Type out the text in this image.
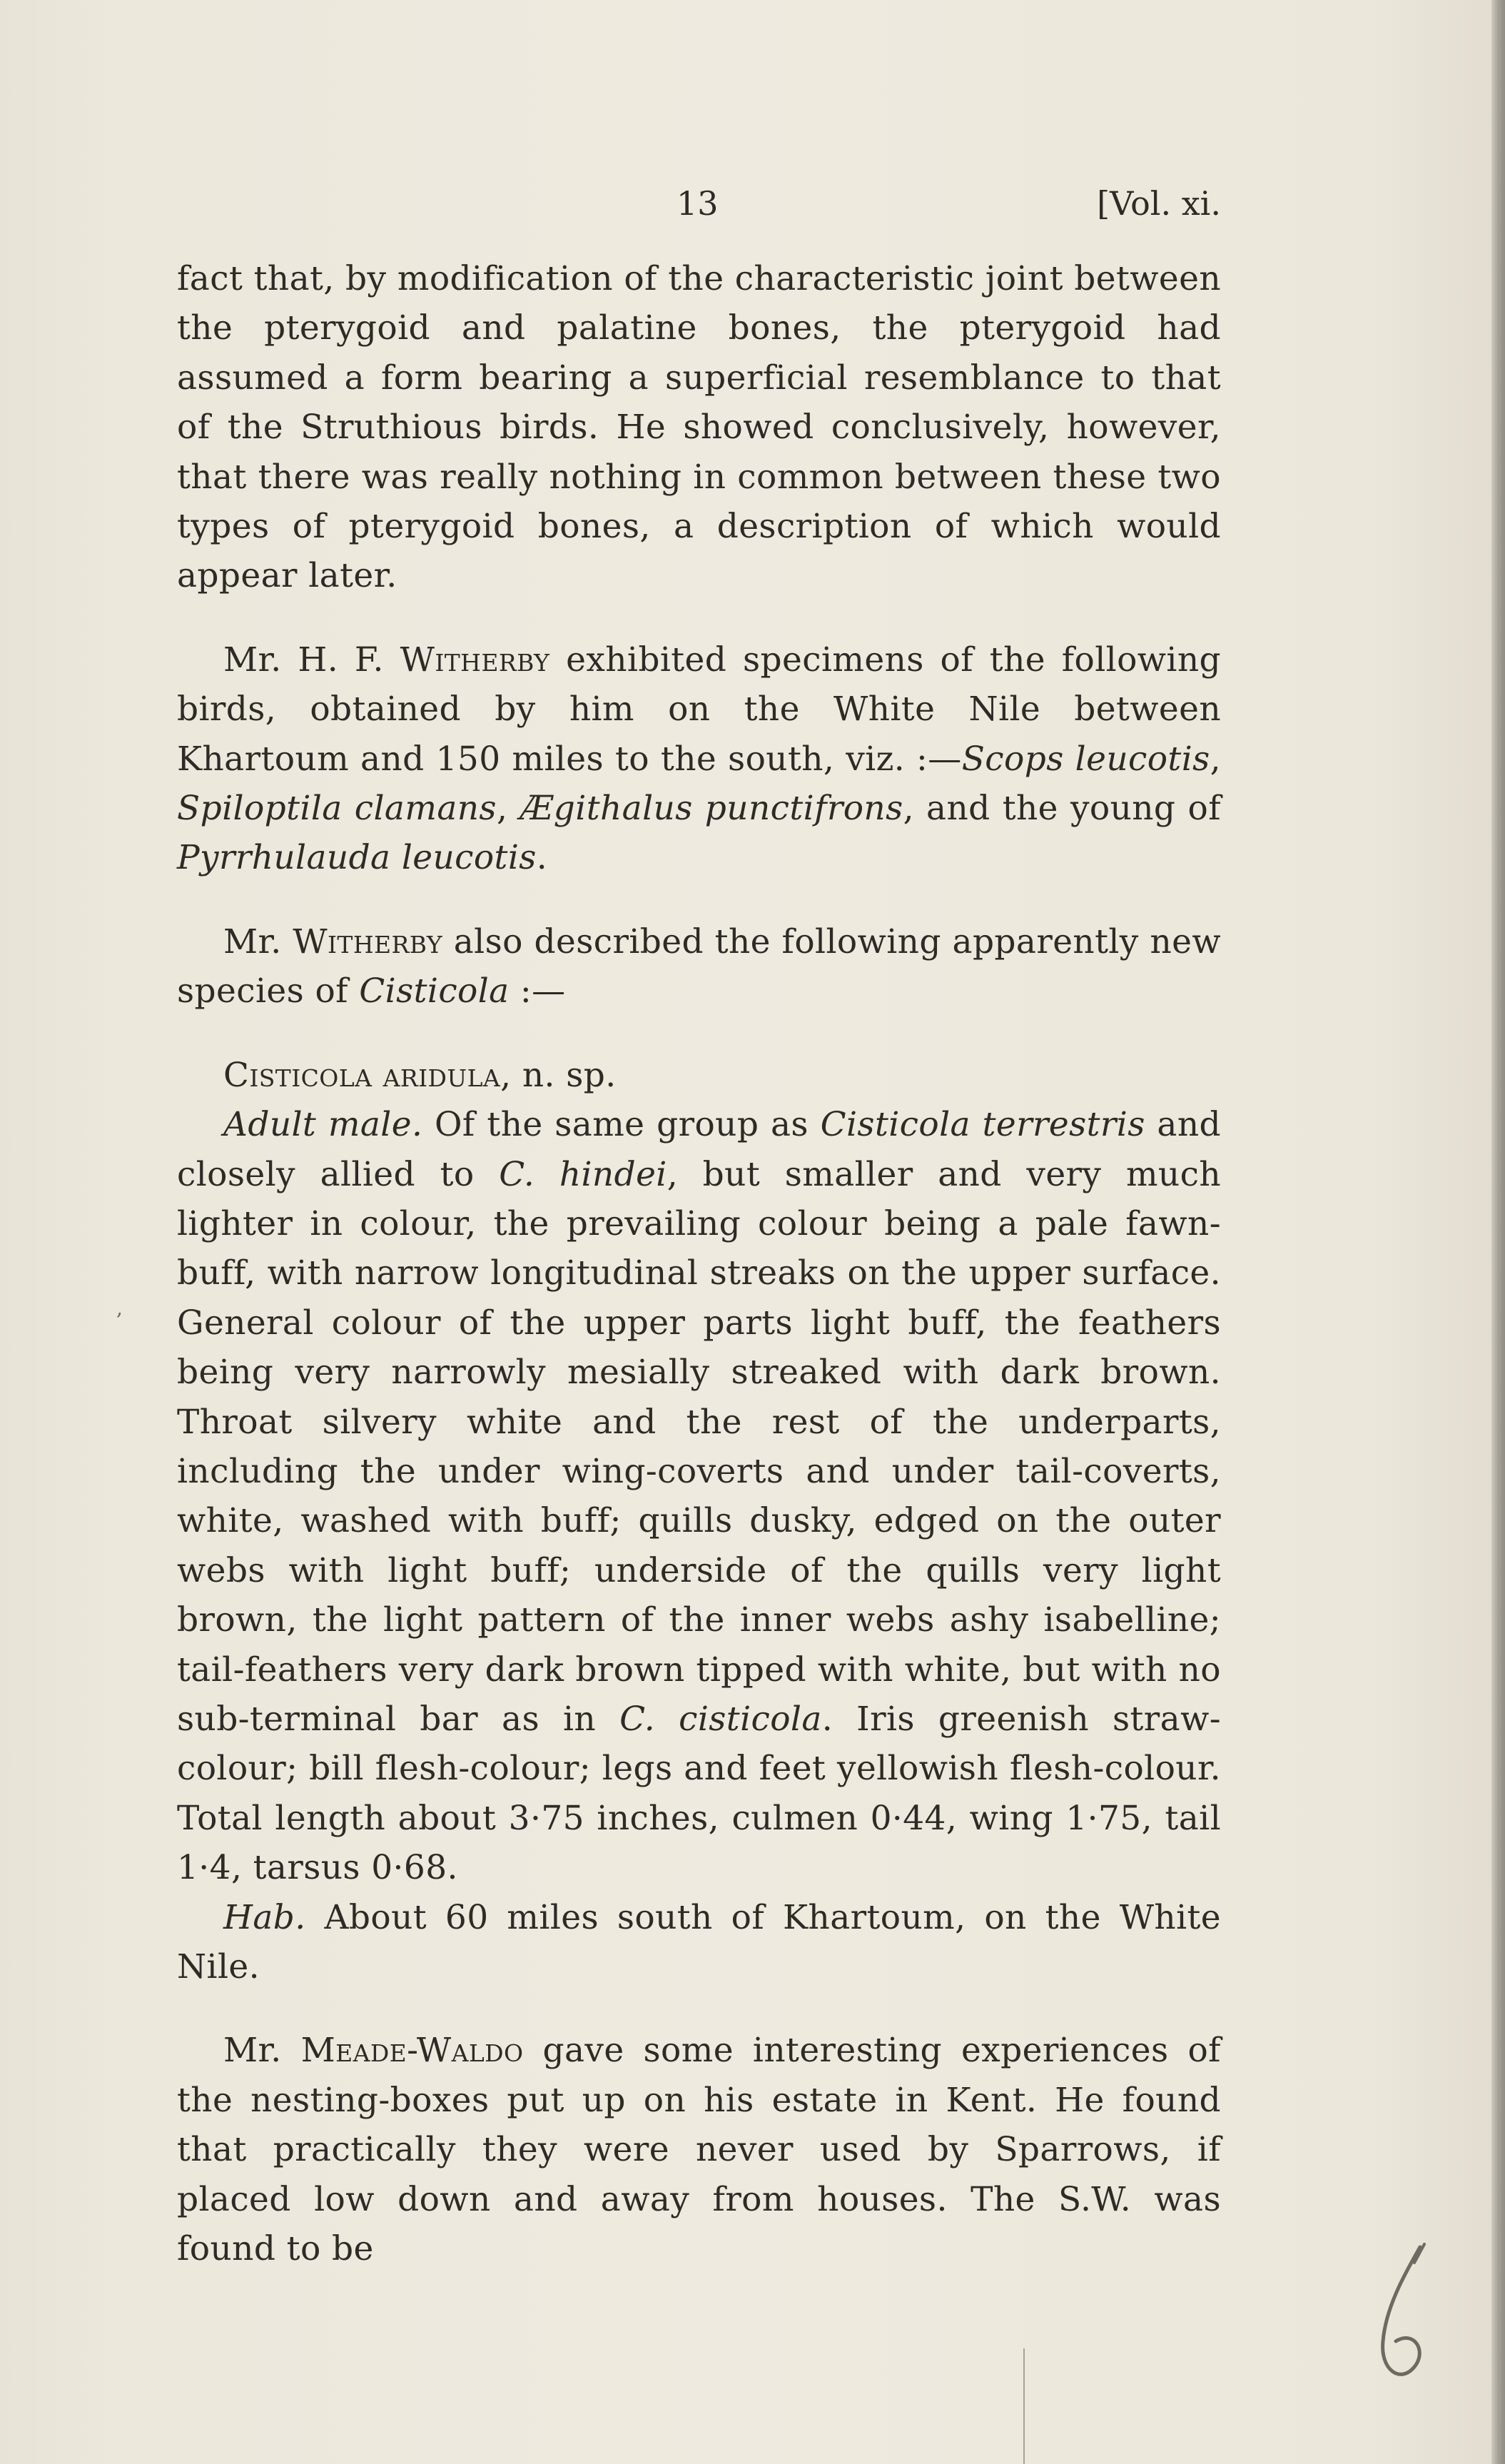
13	[Vol. xi.

fact that, by modification of the characteristic joint between the pterygoid and palatine bones, the pterygoid had assumed a form bearing a superficial resemblance to that of the Struthious birds. He showed conclusively, however, that there was really nothing in common between these two types of pterygoid bones, a description of which would appear later.

Mr. H. F. Witherby exhibited specimens of the following birds, obtained by him on the White Nile between Khartoum and 150 miles to the south, viz. :—Scops leucotis, Spiloptila clamans, Ægithalus punctifrons, and the young of Pyrrhulauda leucotis.

Mr. Witherby also described the following apparently new species of Cisticola :—

Cisticola aridula, n. sp.

Adult male. Of the same group as Cisticola terrestris and closely allied to C. hindei, but smaller and very much lighter in colour, the prevailing colour being a pale fawn-buff, with narrow longitudinal streaks on the upper surface. General colour of the upper parts light buff, the feathers being very narrowly mesially streaked with dark brown. Throat silvery white and the rest of the underparts, including the under wing-coverts and under tail-coverts, white, washed with buff; quills dusky, edged on the outer webs with light buff; underside of the quills very light brown, the light pattern of the inner webs ashy isabelline; tail-feathers very dark brown tipped with white, but with no sub-terminal bar as in C. cisticola. Iris greenish straw-colour; bill flesh-colour; legs and feet yellowish flesh-colour. Total length about 3·75 inches, culmen 0·44, wing 1·75, tail 1·4, tarsus 0·68.

Hab. About 60 miles south of Khartoum, on the White Nile.

Mr. Meade-Waldo gave some interesting experiences of the nesting-boxes put up on his estate in Kent. He found that practically they were never used by Sparrows, if placed low down and away from houses. The S.W. was found to be

,
